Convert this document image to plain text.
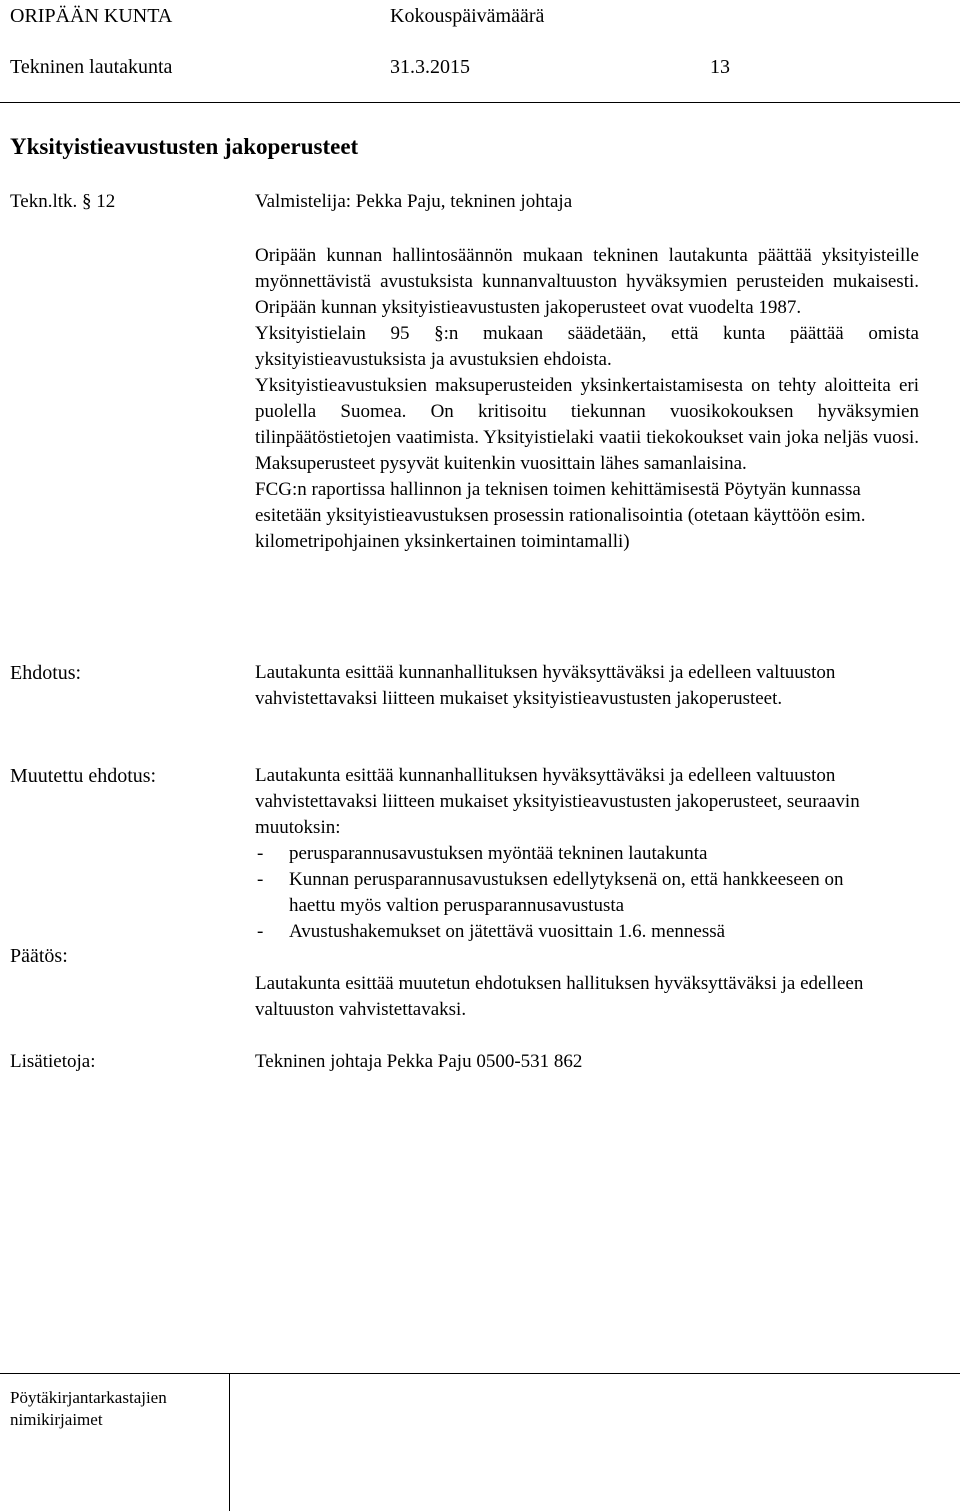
ORIPÄÄN KUNTA	Kokouspäivämäärä
Tekninen lautakunta	31.3.2015	13
Yksityistieavustusten jakoperusteet
Tekn.ltk. § 12	Valmistelija: Pekka Paju, tekninen johtaja

Oripään kunnan hallintosäännön mukaan tekninen lautakunta päättää yksityisteille myönnettävistä avustuksista kunnanvaltuuston hyväksymien perusteiden mukaisesti. Oripään kunnan yksityistieavustusten jakoperusteet ovat vuodelta 1987.

Yksityistielain 95 §:n mukaan säädetään, että kunta päättää omista yksityistieavustuksista ja avustuksien ehdoista.

Yksityistieavustuksien maksuperusteiden yksinkertaistamisesta on tehty aloitteita eri puolella Suomea. On kritisoitu tiekunnan vuosikokouksen hyväksymien tilinpäätöstietojen vaatimista. Yksityistielaki vaatii tiekokoukset vain joka neljäs vuosi. Maksuperusteet pysyvät kuitenkin vuosittain lähes samanlaisina.

FCG:n raportissa hallinnon ja teknisen toimen kehittämisestä Pöytyän kunnassa esitetään yksityistieavustuksen prosessin rationalisointia (otetaan käyttöön esim. kilometripohjainen yksinkertainen toimintamalli)

Ehdotus:	Lautakunta esittää kunnanhallituksen hyväksyttäväksi ja edelleen valtuuston vahvistettavaksi liitteen mukaiset yksityistieavustusten jakoperusteet.
Muutettu ehdotus:	Lautakunta esittää kunnanhallituksen hyväksyttäväksi ja edelleen valtuuston vahvistettavaksi liitteen mukaiset yksityistieavustusten jakoperusteet, seuraavin muutoksin:

- perusparannusavustuksen myöntää tekninen lautakunta
- Kunnan perusparannusavustuksen edellytyksenä on, että hankkeeseen on haettu myös valtion perusparannusavustusta
- Avustushakemukset on jätettävä vuosittain 1.6. mennessä
Päätös:
Lautakunta esittää muutetun ehdotuksen hallituksen hyväksyttäväksi ja edelleen valtuuston vahvistettavaksi.
Lisätietoja:	Tekninen johtaja Pekka Paju 0500-531 862
Pöytäkirjantarkastajien nimikirjaimet
